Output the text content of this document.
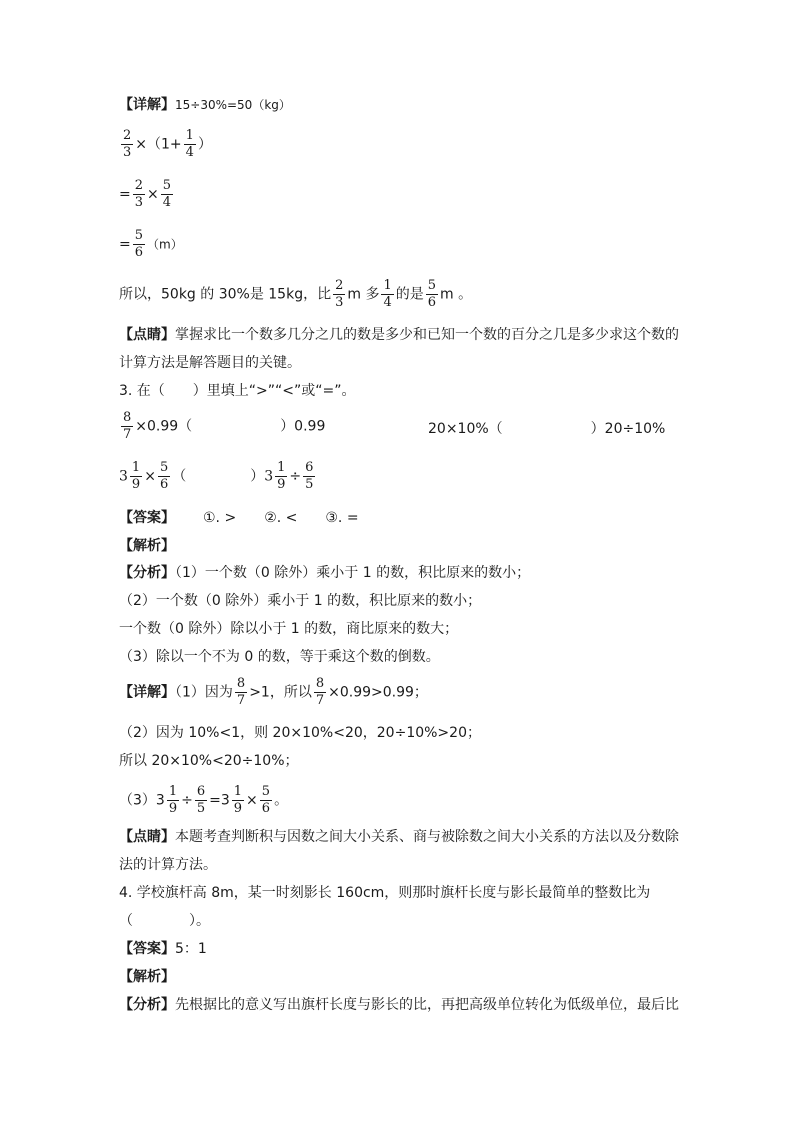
【详解】15÷30%=50（kg）
$\frac{2}{3} \times(1+ \frac{1}{4}$ ）
= $\frac{2}{3} \times \frac{5}{4}$
= $\frac{5}{6} (m)$
所以，50kg 的 30%是 15kg，比 $\frac{2}{3}$ m 多 $\frac{1}{4}$ 的是 $\frac{5}{6}$ m 。
【点睛】掌握求比一个数多几分之几的数是多少和已知一个数的百分之几是多少求这个数的
计算方法是解答题目的关键。
3. 在（　　）里填上“>”“<”或“=”。
$\frac{8}{7} \times 0.99$（	）0.99	20×10%（	）20÷10%
$3 \frac{1}{9} \times \frac{5}{6}$ （	）$3 \frac{1}{9} \div \frac{6}{5}$
【答案】 ①. > ②. < ③. =
【解析】
【分析】（1）一个数（0 除外）乘小于 1 的数，积比原来的数小；
（2）一个数（0 除外）乘小于 1 的数，积比原来的数小；
一个数（0 除外）除以小于 1 的数，商比原来的数大；
（3）除以一个不为 0 的数，等于乘这个数的倒数。
【详解】（1）因为 $\frac{8}{7} >1$，所以 $\frac{8}{7} \times 0.99>0.99$；
（2）因为 10%<1，则 20×10%<20，20÷10%>20；
所以 20×10%<20÷10%；
$(3)3 \frac{1}{9} \div \frac{6}{5} =3 \frac{1}{9} \times \frac{5}{6}$ 。
【点睛】本题考查判断积与因数之间大小关系、商与被除数之间大小关系的方法以及分数除
法的计算方法。
4. 学校旗杆高 8m，某一时刻影长 160cm，则那时旗杆长度与影长最简单的整数比为
（　　　　）。
【答案】5：1
【解析】
【分析】先根据比的意义写出旗杆长度与影长的比，再把高级单位转化为低级单位，最后比
